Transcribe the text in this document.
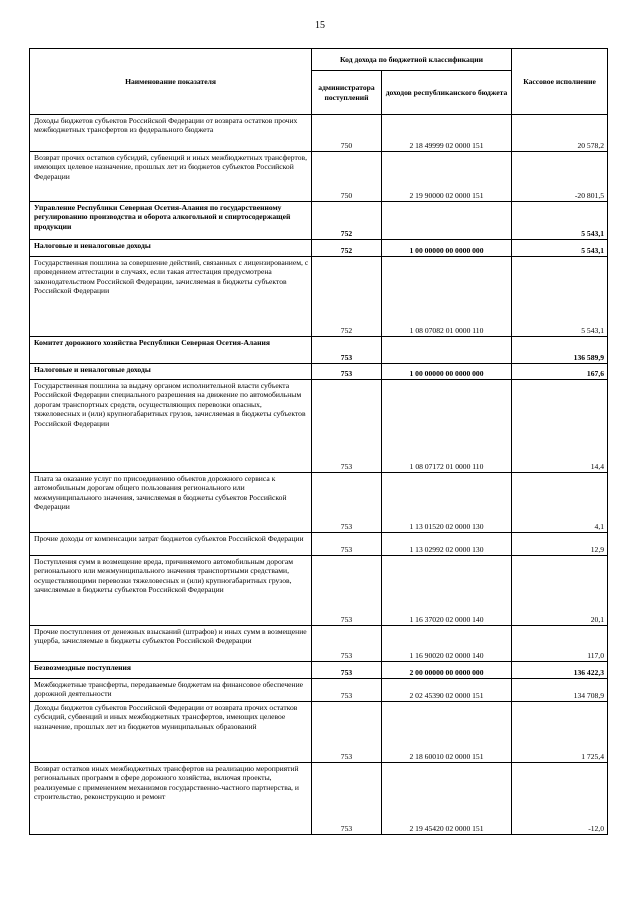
15
Наименование показателя	Код дохода по бюджетной классификации		Кассовое исполнение
	администратора поступлений	доходов республиканского бюджета	
Доходы бюджетов субъектов Российской Федерации от возврата остатков прочих межбюджетных трансфертов из федерального бюджета	750	2 18 49999 02 0000 151	20 578,2
Возврат прочих остатков субсидий, субвенций и иных межбюджетных трансфертов, имеющих целевое назначение, прошлых лет из бюджетов субъектов Российской Федерации	750	2 19 90000 02 0000 151	-20 801,5
Управление Республики Северная Осетия-Алания по государственному регулированию производства и оборота алкогольной и спиртосодержащей продукции	752		5 543,1
Налоговые и неналоговые доходы	752	1 00 00000 00 0000 000	5 543,1
Государственная пошлина за совершение действий, связанных с лицензированием, с проведением аттестации в случаях, если такая аттестация предусмотрена законодательством Российской Федерации, зачисляемая в бюджеты субъектов Российской Федерации	752	1 08 07082 01 0000 110	5 543,1
Комитет дорожного хозяйства Республики Северная Осетия-Алания	753		136 589,9
Налоговые и неналоговые доходы	753	1 00 00000 00 0000 000	167,6
Государственная пошлина за выдачу органом исполнительной власти субъекта Российской Федерации специального разрешения на движение по автомобильным дорогам транспортных средств, осуществляющих перевозки опасных, тяжеловесных и (или) крупногабаритных грузов, зачисляемая в бюджеты субъектов Российской Федерации	753	1 08 07172 01 0000 110	14,4
Плата за оказание услуг по присоединению объектов дорожного сервиса к автомобильным дорогам общего пользования регионального или межмуниципального значения, зачисляемая в бюджеты субъектов Российской Федерации	753	1 13 01520 02 0000 130	4,1
Прочие доходы от компенсации затрат бюджетов субъектов Российской Федерации	753	1 13 02992 02 0000 130	12,9
Поступления сумм в возмещение вреда, причиняемого автомобильным дорогам регионального или межмуниципального значения транспортными средствами, осуществляющими перевозки тяжеловесных и (или) крупногабаритных грузов, зачисляемые в бюджеты субъектов Российской Федерации	753	1 16 37020 02 0000 140	20,1
Прочие поступления от денежных взысканий (штрафов) и иных сумм в возмещение ущерба, зачисляемые в бюджеты субъектов Российской Федерации	753	1 16 90020 02 0000 140	117,0
Безвозмездные поступления	753	2 00 00000 00 0000 000	136 422,3
Межбюджетные трансферты, передаваемые бюджетам на финансовое обеспечение дорожной деятельности	753	2 02 45390 02 0000 151	134 708,9
Доходы бюджетов субъектов Российской Федерации от возврата прочих остатков субсидий, субвенций и иных межбюджетных трансфертов, имеющих целевое назначение, прошлых лет из бюджетов муниципальных образований	753	2 18 60010 02 0000 151	1 725,4
Возврат остатков иных межбюджетных трансфертов на реализацию мероприятий региональных программ в сфере дорожного хозяйства, включая проекты, реализуемые с применением механизмов государственно-частного партнерства, и строительство, реконструкцию и ремонт	753	2 19 45420 02 0000 151	-12,0
